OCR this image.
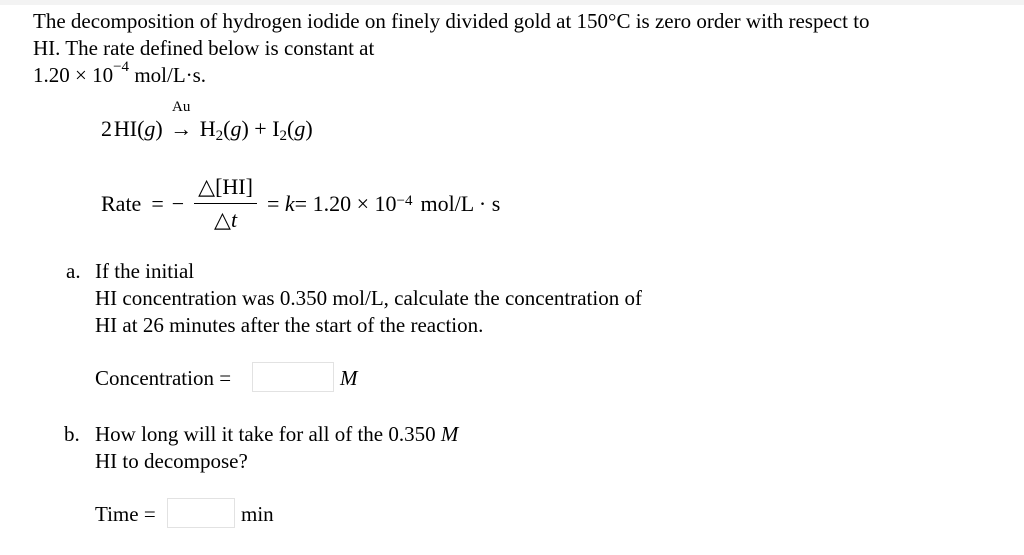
The decomposition of hydrogen iodide on finely divided gold at 150°C is zero order with respect to
HI. The rate defined below is constant at
$1.20 \times 10^{-4}$ mol/L·s.
2 HI(g)
Au
→ $H_2(g) + I_2(g)$
Rate = − $\frac{\triangle[HI]}{\triangle t}$ =
$k = 1.20 \times 10^{-4}$ mol/L · s
a. If the initial
HI concentration was 0.350 mol/L, calculate the concentration of
HI at 26 minutes after the start of the reaction.
Concentration =	M
b. How long will it take for all of the 0.350 M
HI to decompose?
Time =	min
